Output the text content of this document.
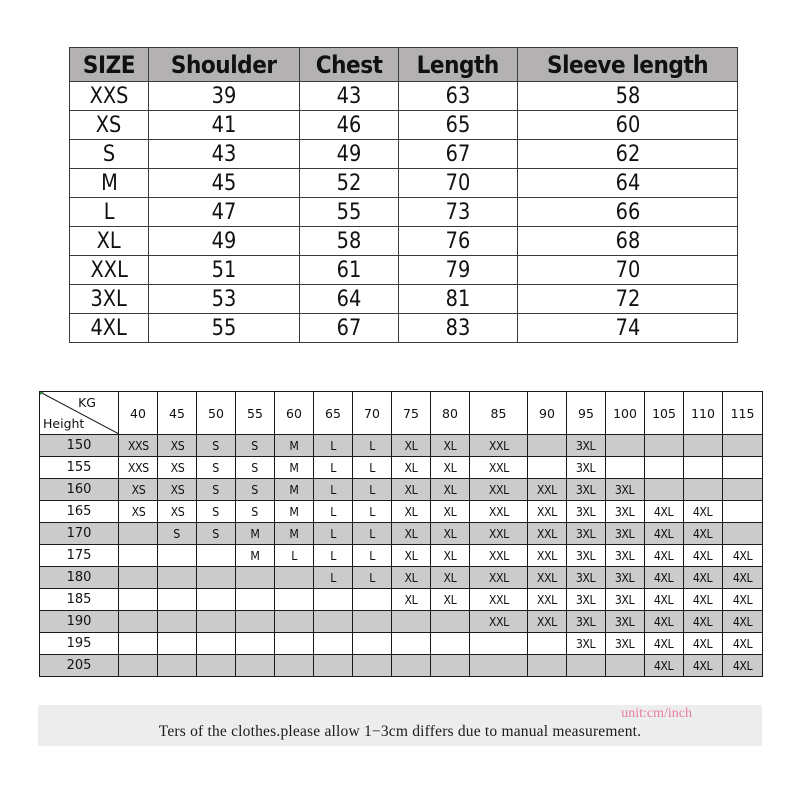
SIZE	Shoulder	Chest	Length	Sleeve length
XXS	39	43	63	58
XS	41	46	65	60
S	43	49	67	62
M	45	52	70	64
L	47	55	73	66
XL	49	58	76	68
XXL	51	61	79	70
3XL	53	64	81	72
4XL	55	67	83	74
KG
Height	40	45	50	55	60	65	70	75	80	85	90	95	100	105	110	115
150	XXS	XS	S	S	M	L	L	XL	XL	XXL		3XL				
155	XXS	XS	S	S	M	L	L	XL	XL	XXL		3XL				
160	XS	XS	S	S	M	L	L	XL	XL	XXL	XXL	3XL	3XL			
165	XS	XS	S	S	M	L	L	XL	XL	XXL	XXL	3XL	3XL	4XL	4XL	
170		S	S	M	M	L	L	XL	XL	XXL	XXL	3XL	3XL	4XL	4XL	
175				M	L	L	L	XL	XL	XXL	XXL	3XL	3XL	4XL	4XL	4XL
180						L	L	XL	XL	XXL	XXL	3XL	3XL	4XL	4XL	4XL
185								XL	XL	XXL	XXL	3XL	3XL	4XL	4XL	4XL
190										XXL	XXL	3XL	3XL	4XL	4XL	4XL
195												3XL	3XL	4XL	4XL	4XL
205														4XL	4XL	4XL
unit:cm/inch
Ters of the clothes.please allow 1−3cm differs due to manual measurement.
